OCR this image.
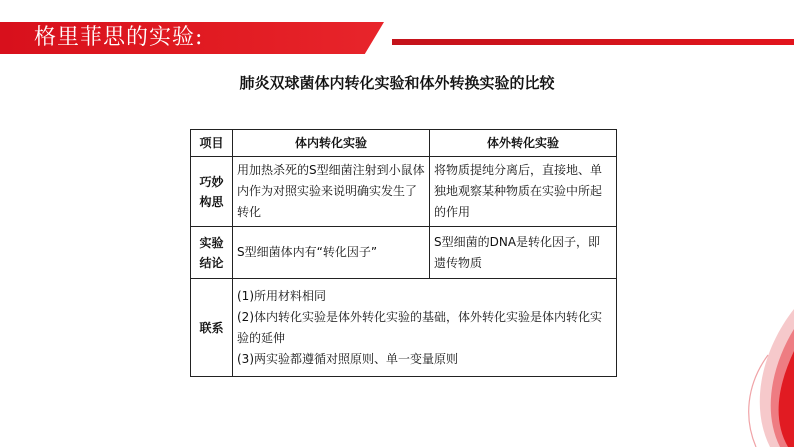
格里菲思的实验:
肺炎双球菌体内转化实验和体外转换实验的比较
项目	体内转化实验	体外转化实验

巧妙
构思	用加热杀死的S型细菌注射到小鼠体内作为对照实验来说明确实发生了转化	将物质提纯分离后，直接地、单独地观察某种物质在实验中所起的作用

实验
结论	S型细菌体内有“转化因子”	S型细菌的DNA是转化因子，即遗传物质

联系	(1)所用材料相同
(2)体内转化实验是体外转化实验的基础，体外转化实验是体内转化实验的延伸
(3)两实验都遵循对照原则、单一变量原则	
